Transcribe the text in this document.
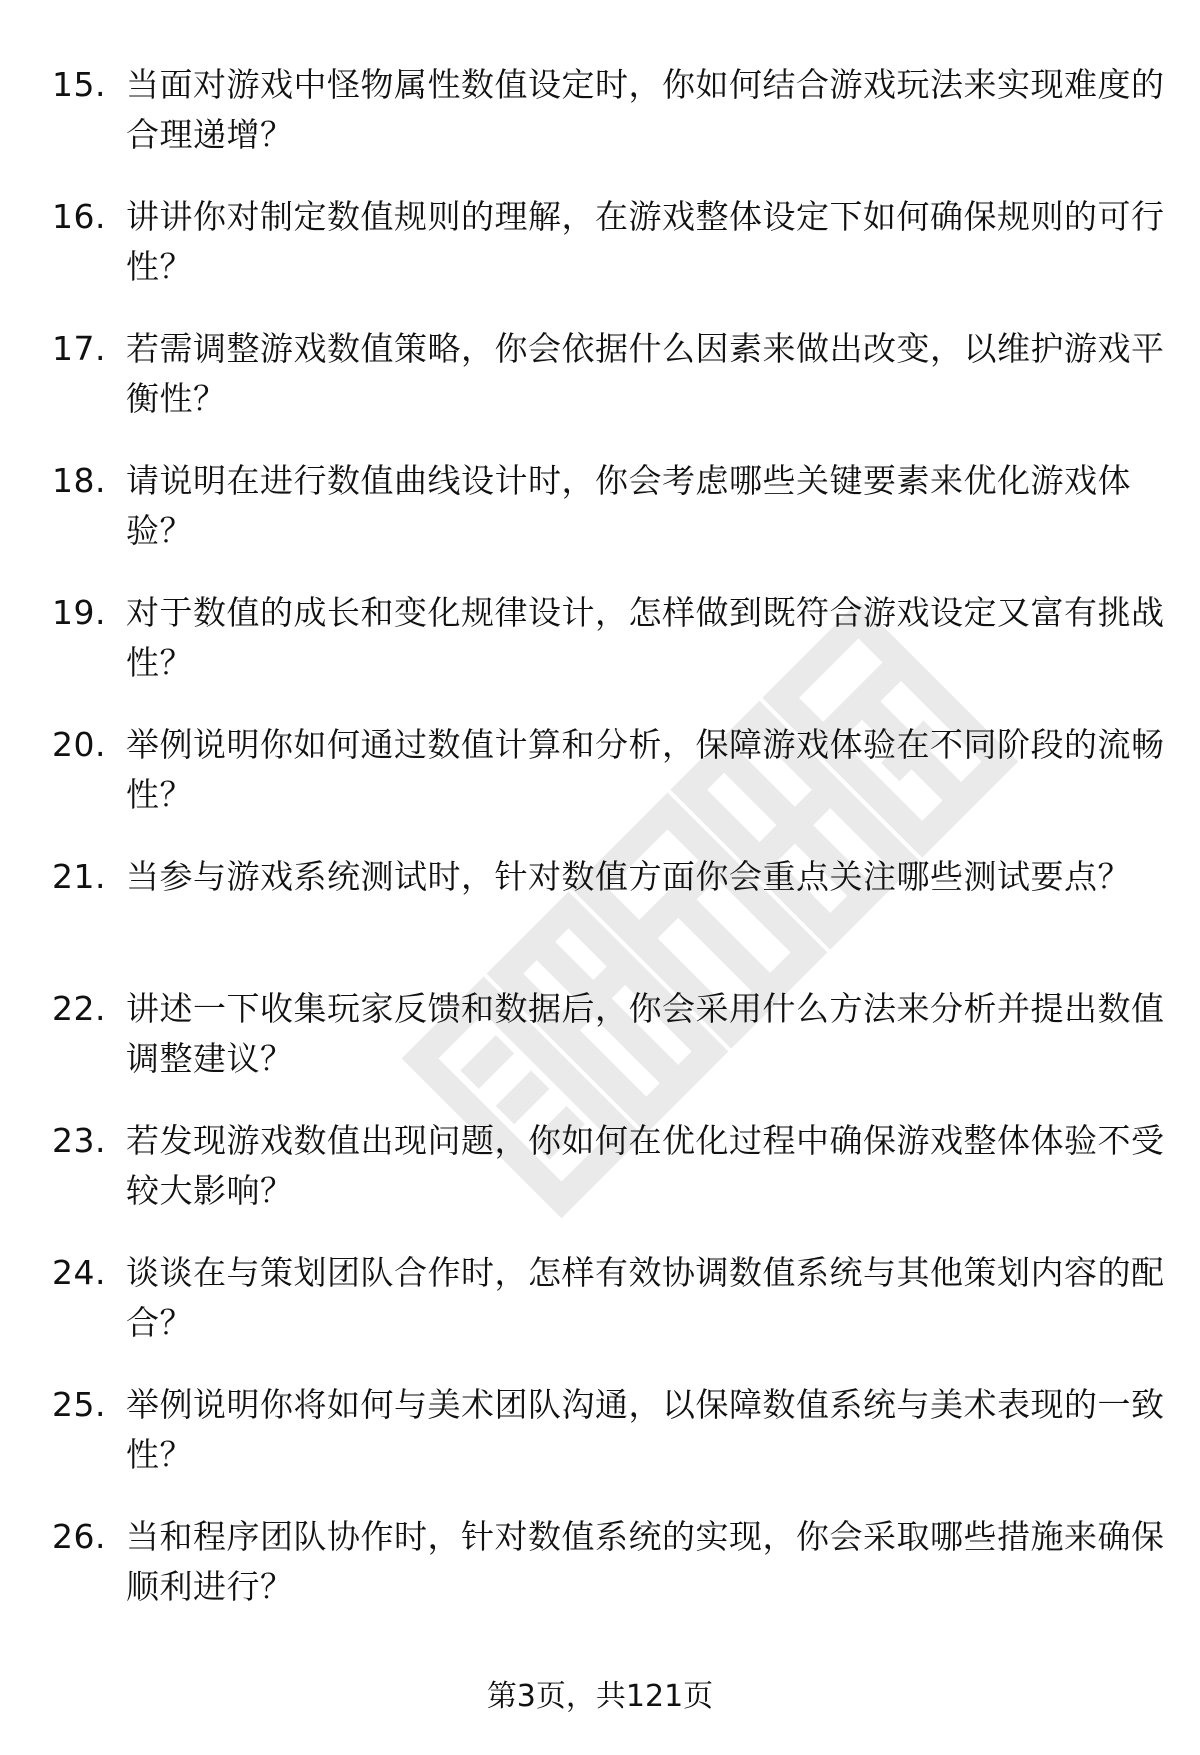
15. 当面对游戏中怪物属性数值设定时，你如何结合游戏玩法来实现难度的合理递增？
16. 讲讲你对制定数值规则的理解，在游戏整体设定下如何确保规则的可行性？
17. 若需调整游戏数值策略，你会依据什么因素来做出改变，以维护游戏平衡性？
18. 请说明在进行数值曲线设计时，你会考虑哪些关键要素来优化游戏体验？
19. 对于数值的成长和变化规律设计，怎样做到既符合游戏设定又富有挑战性？
20. 举例说明你如何通过数值计算和分析，保障游戏体验在不同阶段的流畅性？
21. 当参与游戏系统测试时，针对数值方面你会重点关注哪些测试要点？
22. 讲述一下收集玩家反馈和数据后，你会采用什么方法来分析并提出数值调整建议？
23. 若发现游戏数值出现问题，你如何在优化过程中确保游戏整体体验不受较大影响？
24. 谈谈在与策划团队合作时，怎样有效协调数值系统与其他策划内容的配合？
25. 举例说明你将如何与美术团队沟通，以保障数值系统与美术表现的一致性？
26. 当和程序团队协作时，针对数值系统的实现，你会采取哪些措施来确保顺利进行？
第3页，共121页
